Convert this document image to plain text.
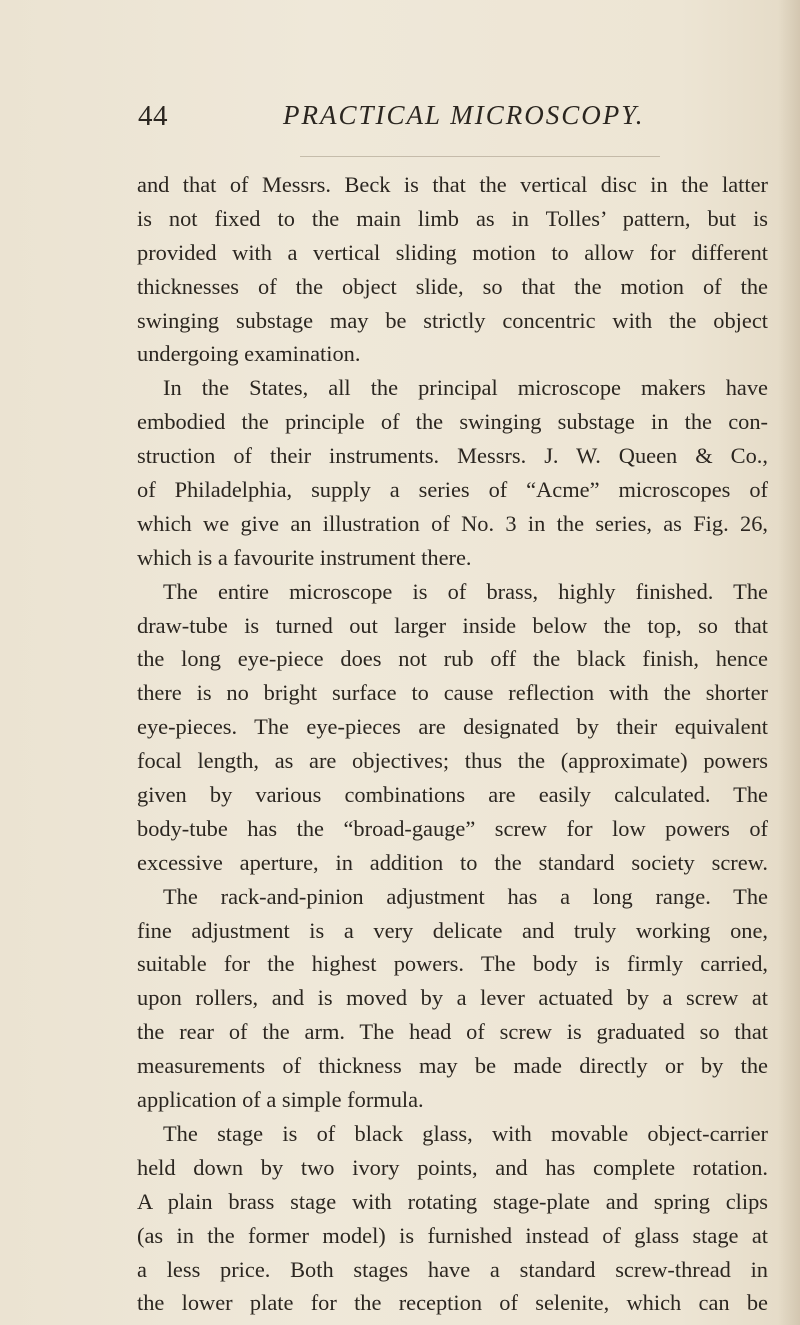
44	PRACTICAL MICROSCOPY.
and that of Messrs. Beck is that the vertical disc in the latter
is not fixed to the main limb as in Tolles’ pattern, but is
provided with a vertical sliding motion to allow for different
thicknesses of the object slide, so that the motion of the
swinging substage may be strictly concentric with the object
undergoing examination.
In the States, all the principal microscope makers have
embodied the principle of the swinging substage in the con-
struction of their instruments. Messrs. J. W. Queen & Co.,
of Philadelphia, supply a series of “Acme” microscopes of
which we give an illustration of No. 3 in the series, as Fig. 26,
which is a favourite instrument there.
The entire microscope is of brass, highly finished. The
draw-tube is turned out larger inside below the top, so that
the long eye-piece does not rub off the black finish, hence
there is no bright surface to cause reflection with the shorter
eye-pieces. The eye-pieces are designated by their equivalent
focal length, as are objectives; thus the (approximate) powers
given by various combinations are easily calculated. The
body-tube has the “broad-gauge” screw for low powers of
excessive aperture, in addition to the standard society screw.
The rack-and-pinion adjustment has a long range. The
fine adjustment is a very delicate and truly working one,
suitable for the highest powers. The body is firmly carried,
upon rollers, and is moved by a lever actuated by a screw at
the rear of the arm. The head of screw is graduated so that
measurements of thickness may be made directly or by the
application of a simple formula.
The stage is of black glass, with movable object-carrier
held down by two ivory points, and has complete rotation.
A plain brass stage with rotating stage-plate and spring clips
(as in the former model) is furnished instead of glass stage at
a less price. Both stages have a standard screw-thread in
the lower plate for the reception of selenite, which can be
